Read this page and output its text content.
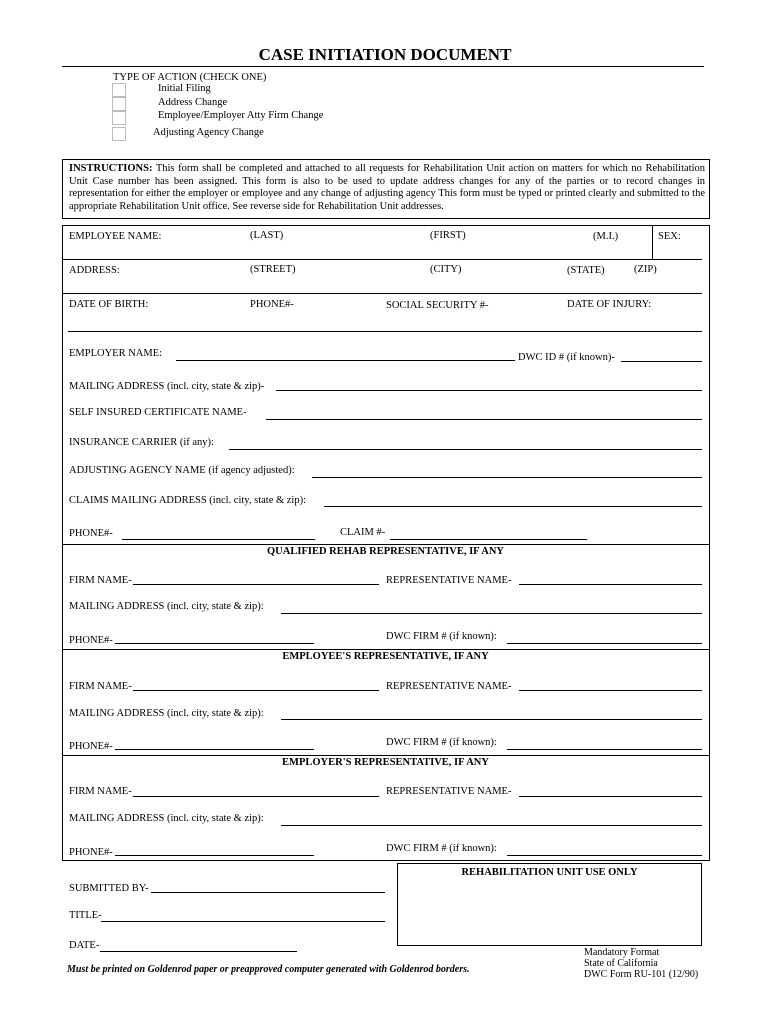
CASE INITIATION DOCUMENT
TYPE OF ACTION (CHECK ONE)
Initial Filing
Address Change
Employee/Employer Atty Firm Change
Adjusting Agency Change
INSTRUCTIONS: This form shall be completed and attached to all requests for Rehabilitation Unit action on matters for which no Rehabilitation Unit Case number has been assigned. This form is also to be used to update address changes for any of the parties or to record changes in representation for either the employer or employee and any change of adjusting agency This form must be typed or printed clearly and submitted to the appropriate Rehabilitation Unit office. See reverse side for Rehabilitation Unit addresses.
EMPLOYEE NAME:	(LAST)	(FIRST)	(M.I.)	SEX:
ADDRESS:	(STREET)	(CITY)	(STATE)	(ZIP)
DATE OF BIRTH:	PHONE#-	SOCIAL SECURITY #-	DATE OF INJURY:
EMPLOYER NAME:	DWC ID # (if known)-
MAILING ADDRESS (incl. city, state & zip)-
SELF INSURED CERTIFICATE NAME-
INSURANCE CARRIER (if any):
ADJUSTING AGENCY NAME (if agency adjusted):
CLAIMS MAILING ADDRESS (incl. city, state & zip):
PHONE#-	CLAIM #-
QUALIFIED REHAB REPRESENTATIVE, IF ANY
FIRM NAME-	REPRESENTATIVE NAME-
MAILING ADDRESS (incl. city, state & zip):
PHONE#-	DWC FIRM # (if known):
EMPLOYEE'S REPRESENTATIVE, IF ANY
FIRM NAME-	REPRESENTATIVE NAME-
MAILING ADDRESS (incl. city, state & zip):
PHONE#-	DWC FIRM # (if known):
EMPLOYER'S REPRESENTATIVE, IF ANY
FIRM NAME-	REPRESENTATIVE NAME-
MAILING ADDRESS (incl. city, state & zip):
PHONE#-	DWC FIRM # (if known):
SUBMITTED BY-
TITLE-
DATE-
REHABILITATION UNIT USE ONLY
Must be printed on Goldenrod paper or preapproved computer generated with Goldenrod borders.
Mandatory Format
State of California
DWC Form RU-101 (12/90)
